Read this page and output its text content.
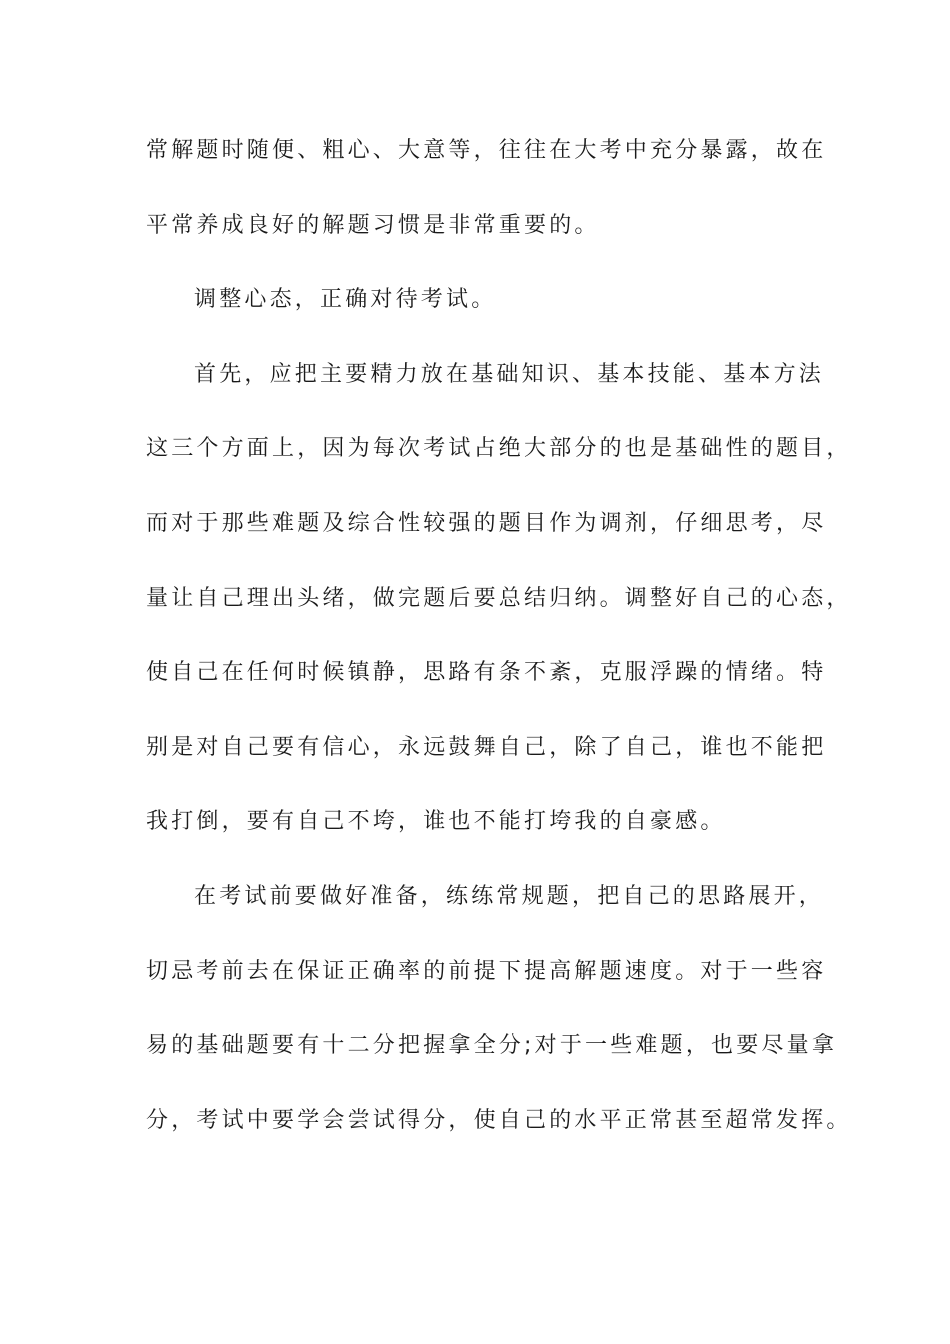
常解题时随便、粗心、大意等，往往在大考中充分暴露，故在
平常养成良好的解题习惯是非常重要的。
调整心态，正确对待考试。
首先，应把主要精力放在基础知识、基本技能、基本方法
这三个方面上，因为每次考试占绝大部分的也是基础性的题目，
而对于那些难题及综合性较强的题目作为调剂，仔细思考，尽
量让自己理出头绪，做完题后要总结归纳。调整好自己的心态，
使自己在任何时候镇静，思路有条不紊，克服浮躁的情绪。特
别是对自己要有信心，永远鼓舞自己，除了自己，谁也不能把
我打倒，要有自己不垮，谁也不能打垮我的自豪感。
在考试前要做好准备，练练常规题，把自己的思路展开，
切忌考前去在保证正确率的前提下提高解题速度。对于一些容
易的基础题要有十二分把握拿全分;对于一些难题，也要尽量拿
分，考试中要学会尝试得分，使自己的水平正常甚至超常发挥。
